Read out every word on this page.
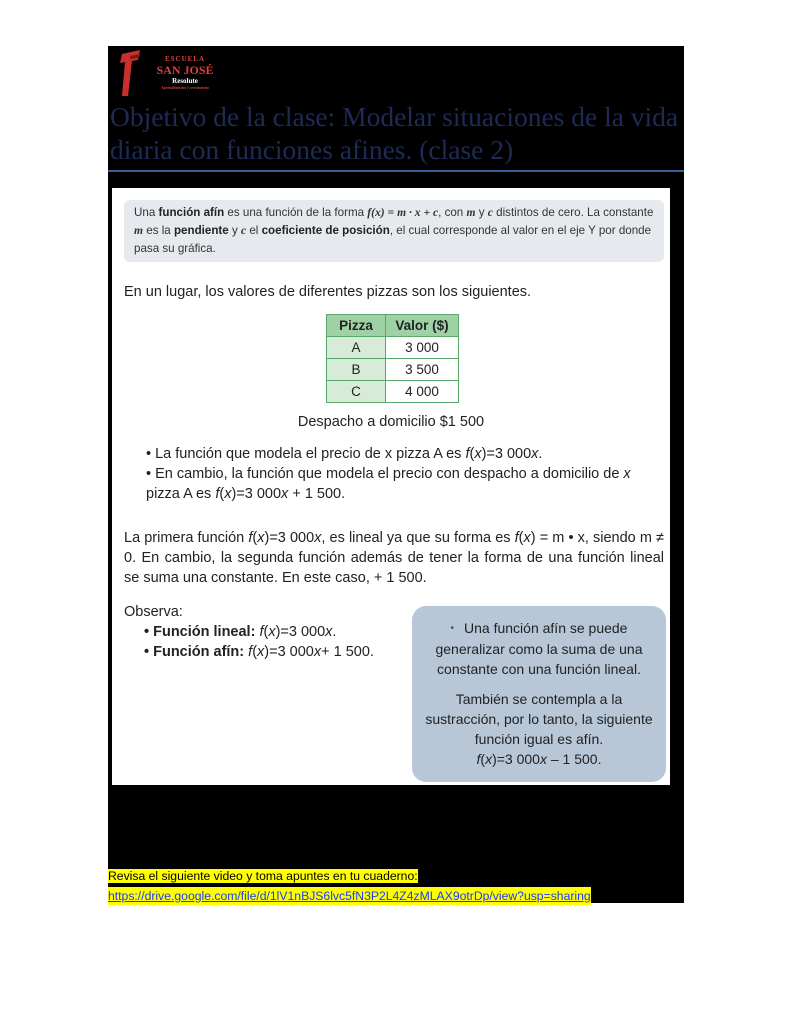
ESCUELA
SAN JOSÉ
Resolute
Aprendimiento y crecimiento
Objetivo de la clase: Modelar situaciones de la vida diaria con funciones afines. (clase 2)
Una función afín es una función de la forma f(x) = m · x + c, con m y c distintos de cero. La constante m es la pendiente y c el coeficiente de posición, el cual corresponde al valor en el eje Y por donde pasa su gráfica.
En un lugar, los valores de diferentes pizzas son los siguientes.
Pizza	Valor ($)
A	3 000
B	3 500
C	4 000
Despacho a domicilio $1 500

• La función que modela el precio de x pizza A es f(x)=3 000x.

• En cambio, la función que modela el precio con despacho a domicilio de x pizza A es f(x)=3 000x + 1 500.

La primera función f(x)=3 000x, es lineal ya que su forma es f(x) = m • x, siendo m ≠ 0. En cambio, la segunda función además de tener la forma de una función lineal se suma una constante. En este caso, + 1 500.

Observa:

• Función lineal: f(x)=3 000x.

• Función afín: f(x)=3 000x+ 1 500.

• Una función afín se puede generalizar como la suma de una constante con una función lineal.

También se contempla a la sustracción, por lo tanto, la siguiente función igual es afín.

f(x)=3 000x – 1 500.

Revisa el siguiente video y toma apuntes en tu cuaderno:
https://drive.google.com/file/d/1lV1nBJS6lvc5fN3P2L4Z4zMLAX9otrDp/view?usp=sharing
